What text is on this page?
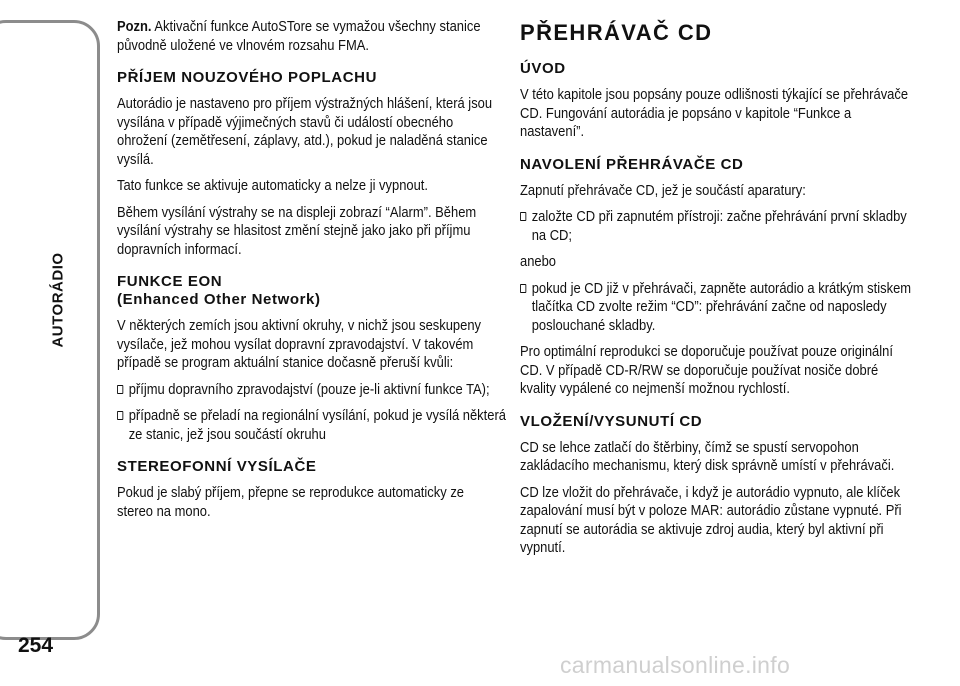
AUTORÁDIO
254

Pozn. Aktivační funkce AutoSTore se vymažou všechny stanice původně uložené ve vlnovém rozsahu FMA.

PŘÍJEM NOUZOVÉHO POPLACHU

Autorádio je nastaveno pro příjem výstražných hlášení, která jsou vysílána v případě výjimečných stavů či událostí obecného ohrožení (zemětřesení, záplavy, atd.), pokud je naladěná stanice vysílá.

Tato funkce se aktivuje automaticky a nelze ji vypnout.

Během vysílání výstrahy se na displeji zobrazí “Alarm”. Během vysílání výstrahy se hlasitost změní stejně jako jako při příjmu dopravních informací.

FUNKCE EON
(Enhanced Other Network)

V některých zemích jsou aktivní okruhy, v nichž jsou seskupeny vysílače, jež mohou vysílat dopravní zpravodajství. V takovém případě se program aktuální stanice dočasně přeruší kvůli:

příjmu dopravního zpravodajství (pouze je-li aktivní funkce TA);

případně se přeladí na regionální vysílání, pokud je vysílá některá ze stanic, jež jsou součástí okruhu

STEREOFONNÍ VYSÍLAČE

Pokud je slabý příjem, přepne se reprodukce automaticky ze stereo na mono.

PŘEHRÁVAČ CD
ÚVOD

V této kapitole jsou popsány pouze odlišnosti týkající se přehrávače CD. Fungování autorádia je popsáno v kapitole “Funkce a nastavení”.

NAVOLENÍ PŘEHRÁVAČE CD

Zapnutí přehrávače CD, jež je součástí aparatury:

založte CD při zapnutém přístroji: začne přehrávání první skladby na CD;

anebo

pokud je CD již v přehrávači, zapněte autorádio a krátkým stiskem tlačítka CD zvolte režim “CD”: přehrávání začne od naposledy poslouchané skladby.

Pro optimální reprodukci se doporučuje používat pouze originální CD. V případě CD-R/RW se doporučuje používat nosiče dobré kvality vypálené co nejmenší možnou rychlostí.

VLOŽENÍ/VYSUNUTÍ CD

CD se lehce zatlačí do štěrbiny, čímž se spustí servopohon zakládacího mechanismu, který disk správně umístí v přehrávači.

CD lze vložit do přehrávače, i když je autorádio vypnuto, ale klíček zapalování musí být v poloze MAR: autorádio zůstane vypnuté. Při zapnutí se autorádia se aktivuje zdroj audia, který byl aktivní při vypnutí.

carmanualsonline.info
